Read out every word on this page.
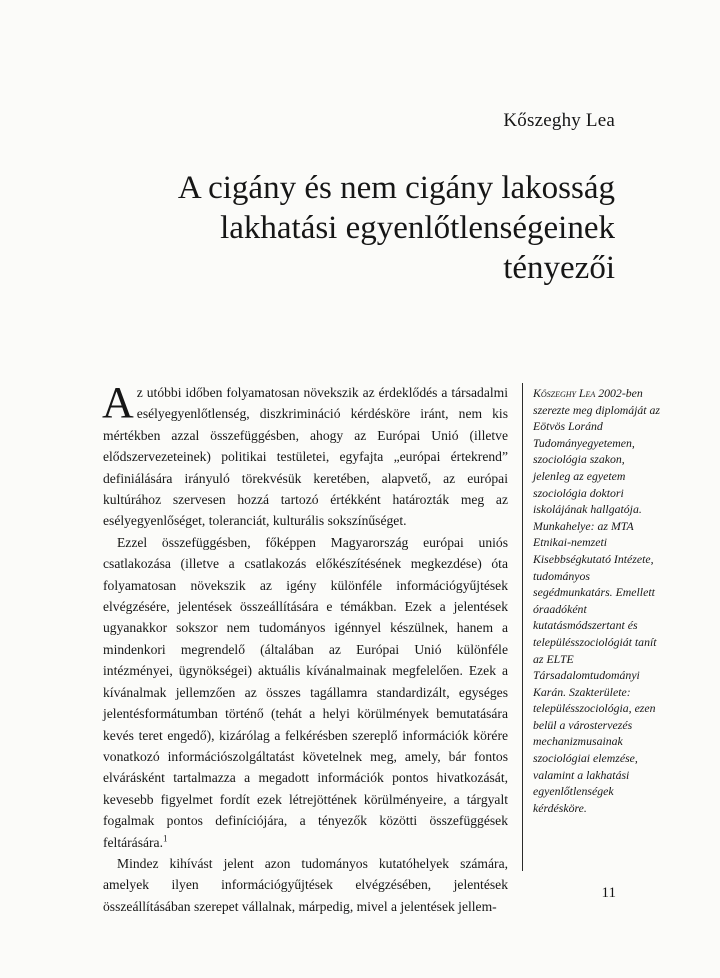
Kőszeghy Lea
A cigány és nem cigány lakosság
lakhatási egyenlőtlenségeinek
tényezői

Az utóbbi időben folyamatosan növekszik az érdeklődés a társadalmi esélyegyenlőtlenség, diszkrimináció kérdésköre iránt, nem kis mértékben azzal összefüggésben, ahogy az Európai Unió (illetve elődszervezeteinek) politikai testületei, egyfajta „európai értekrend” definiálására irányuló törekvésük keretében, alapvető, az európai kultúrához szervesen hozzá tartozó értékként határozták meg az esélyegyenlőséget, toleranciát, kulturális sokszínűséget.

Ezzel összefüggésben, főképpen Magyarország európai uniós csatlakozása (illetve a csatlakozás előkészítésének megkezdése) óta folyamatosan növekszik az igény különféle információgyűjtések elvégzésére, jelentések összeállítására e témákban. Ezek a jelentések ugyanakkor sokszor nem tudományos igénnyel készülnek, hanem a mindenkori megrendelő (általában az Európai Unió különféle intézményei, ügynökségei) aktuális kívánalmainak megfelelően. Ezek a kívánalmak jellemzően az összes tagállamra standardizált, egységes jelentésformátumban történő (tehát a helyi körülmények bemutatására kevés teret engedő), kizárólag a felkérésben szereplő információk körére vonatkozó információszolgáltatást követelnek meg, amely, bár fontos elvárásként tartalmazza a megadott információk pontos hivatkozását, kevesebb figyelmet fordít ezek létrejöttének körülményeire, a tárgyalt fogalmak pontos definíciójára, a tényezők közötti összefüggések feltárására.$^1$

Mindez kihívást jelent azon tudományos kutatóhelyek számára, amelyek ilyen információgyűjtések elvégzésében, jelentések összeállításában szerepet vállalnak, márpedig, mivel a jelentések jellem-

Kőszeghy Lea 2002-ben szerezte meg diplomáját az Eötvös Loránd Tudományegyetemen, szociológia szakon, jelenleg az egyetem szociológia doktori iskolájának hallgatója. Munkahelye: az MTA Etnikai-nemzeti Kisebbségkutató Intézete, tudományos segédmunkatárs. Emellett óraadóként kutatásmódszertant és településszociológiát tanít az ELTE Társadalomtudományi Karán. Szakterülete: településszociológia, ezen belül a várostervezés mechanizmusainak szociológiai elemzése, valamint a lakhatási egyenlőtlenségek kérdésköre.
11
